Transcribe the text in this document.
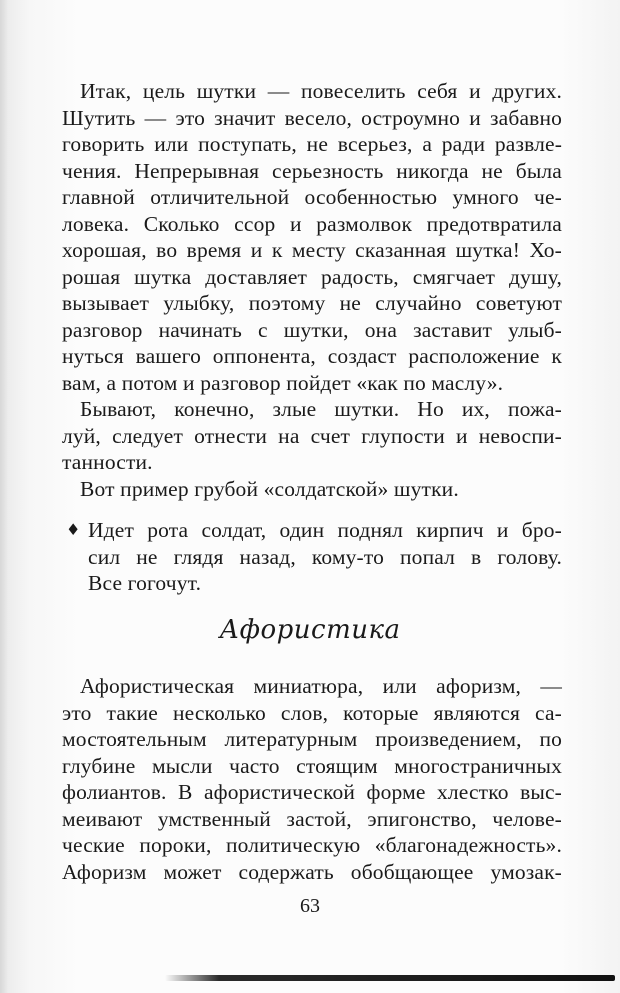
Итак, цель шутки — повеселить себя и других.
Шутить — это значит весело, остроумно и забавно
говорить или поступать, не всерьез, а ради развле-
чения. Непрерывная серьезность никогда не была
главной отличительной особенностью умного че-
ловека. Сколько ссор и размолвок предотвратила
хорошая, во время и к месту сказанная шутка! Хо-
рошая шутка доставляет радость, смягчает душу,
вызывает улыбку, поэтому не случайно советуют
разговор начинать с шутки, она заставит улыб-
нуться вашего оппонента, создаст расположение к
вам, а потом и разговор пойдет «как по маслу».
Бывают, конечно, злые шутки. Но их, пожа-
луй, следует отнести на счет глупости и невоспи-
танности.
Вот пример грубой «солдатской» шутки.
♦ Идет рота солдат, один поднял кирпич и бро-
сил не глядя назад, кому-то попал в голову.
Все гогочут.
Афористика
Афористическая миниатюра, или афоризм, —
это такие несколько слов, которые являются са-
мостоятельным литературным произведением, по
глубине мысли часто стоящим многостраничных
фолиантов. В афористической форме хлестко выс-
меивают умственный застой, эпигонство, челове-
ческие пороки, политическую «благонадежность».
Афоризм может содержать обобщающее умозак-
63
